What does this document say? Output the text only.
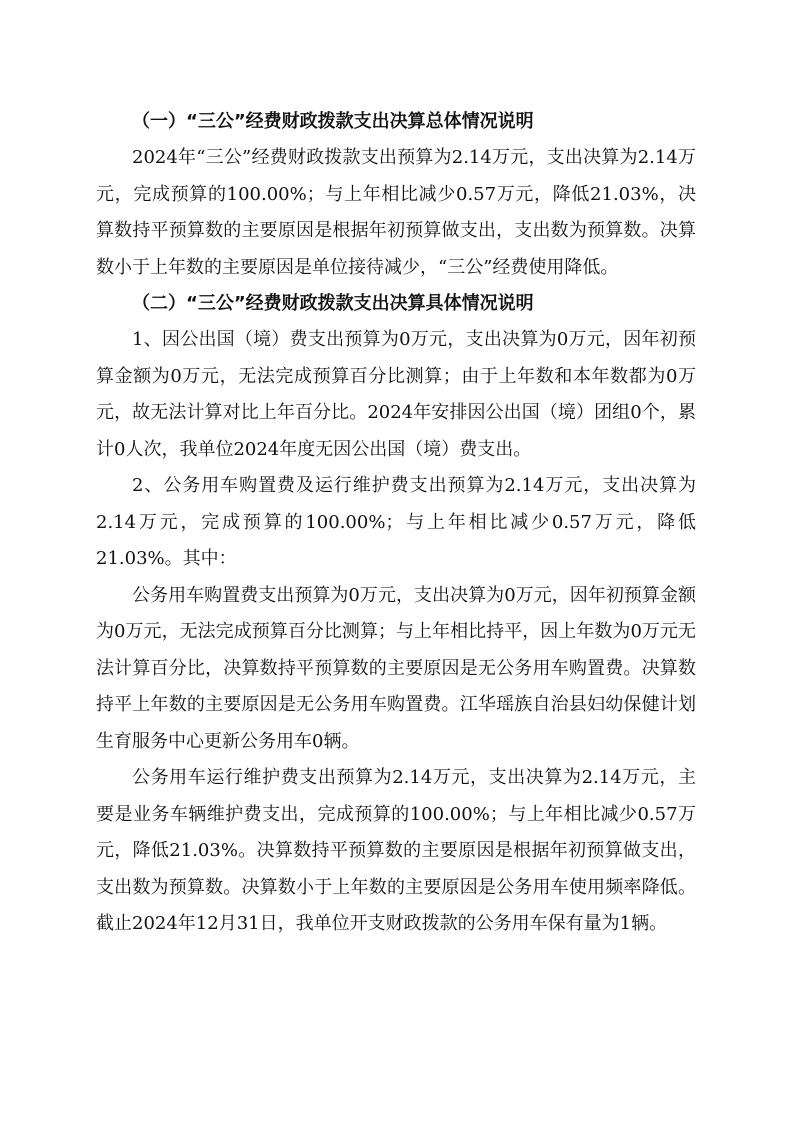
（一）“三公”经费财政拨款支出决算总体情况说明

2024年“三公”经费财政拨款支出预算为2.14万元，支出决算为2.14万元，完成预算的100.00%；与上年相比减少0.57万元，降低21.03%，决算数持平预算数的主要原因是根据年初预算做支出，支出数为预算数。决算数小于上年数的主要原因是单位接待减少，“三公”经费使用降低。

（二）“三公”经费财政拨款支出决算具体情况说明

1、因公出国（境）费支出预算为0万元，支出决算为0万元，因年初预算金额为0万元，无法完成预算百分比测算；由于上年数和本年数都为0万元，故无法计算对比上年百分比。2024年安排因公出国（境）团组0个，累计0人次，我单位2024年度无因公出国（境）费支出。

2、公务用车购置费及运行维护费支出预算为2.14万元，支出决算为2.14万元，完成预算的100.00%；与上年相比减少0.57万元，降低21.03%。其中：

公务用车购置费支出预算为0万元，支出决算为0万元，因年初预算金额为0万元，无法完成预算百分比测算；与上年相比持平，因上年数为0万元无法计算百分比，决算数持平预算数的主要原因是无公务用车购置费。决算数持平上年数的主要原因是无公务用车购置费。江华瑶族自治县妇幼保健计划生育服务中心更新公务用车0辆。

公务用车运行维护费支出预算为2.14万元，支出决算为2.14万元，主要是业务车辆维护费支出，完成预算的100.00%；与上年相比减少0.57万元，降低21.03%。决算数持平预算数的主要原因是根据年初预算做支出，支出数为预算数。决算数小于上年数的主要原因是公务用车使用频率降低。截止2024年12月31日，我单位开支财政拨款的公务用车保有量为1辆。
